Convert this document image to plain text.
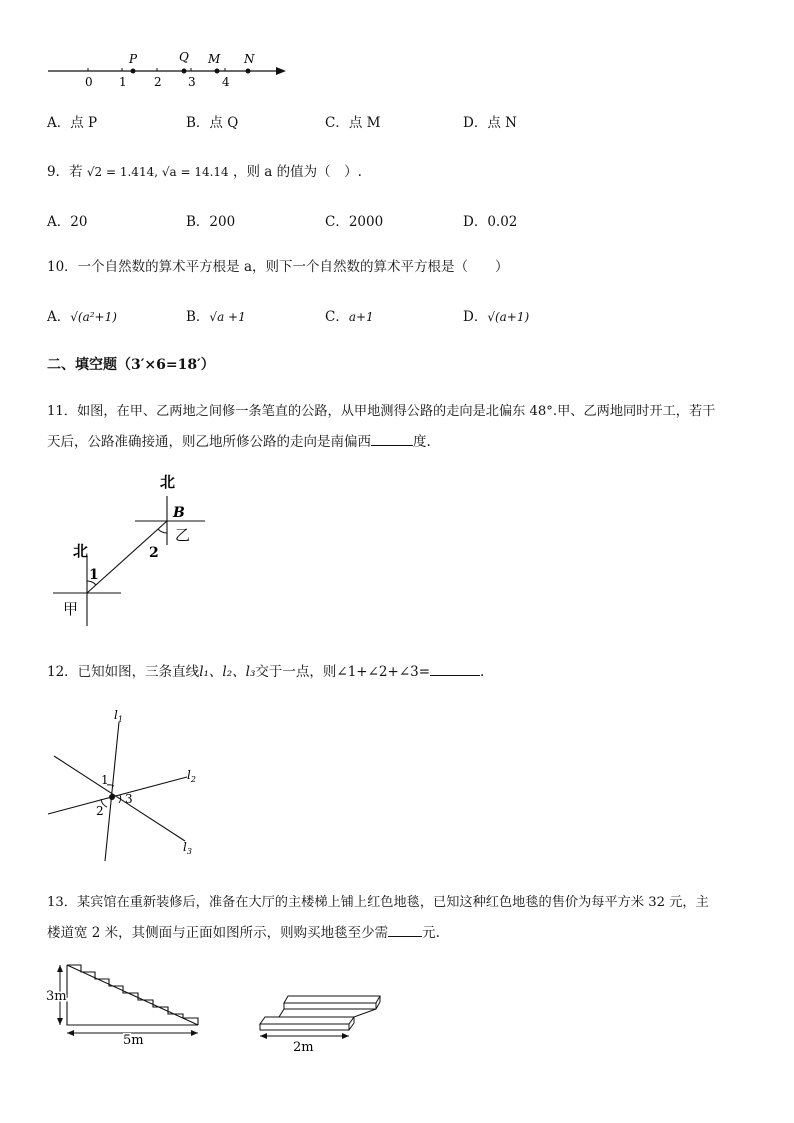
0 1 2 3 4
P	Q M N
A．点 P	B．点 Q	C．点 M	D．点 N
9．若 √2 = 1.414, √a = 14.14 ，则 a 的值为（　）.
A．20	B．200	C．2000	D．0.02
10．一个自然数的算术平方根是 a，则下一个自然数的算术平方根是（　　）
A．√(a²+1)	B．√a +1	C．a+1	D．√(a+1)
二、填空题（3′×6=18′）
11．如图，在甲、乙两地之间修一条笔直的公路，从甲地测得公路的走向是北偏东 48°.甲、乙两地同时开工，若干
天后，公路准确接通，则乙地所修公路的走向是南偏西	度.
北
B
乙
2
北
1
甲
12．已知如图，三条直线l₁、l₂、l₃交于一点，则∠1+∠2+∠3=	.
$l_1$
$l_2$
$l_3$
1
2
3
13．某宾馆在重新装修后，准备在大厅的主楼梯上铺上红色地毯，已知这种红色地毯的售价为每平方米 32 元，主
楼道宽 2 米，其侧面与正面如图所示，则购买地毯至少需	元.
3m
5m	2m
